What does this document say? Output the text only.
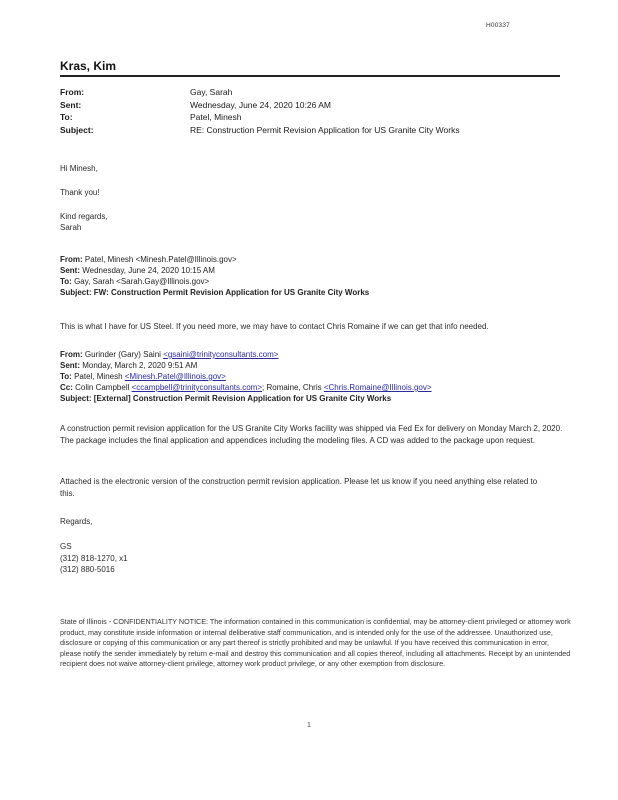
H00337
Kras, Kim
From:	Gay, Sarah
Sent:	Wednesday, June 24, 2020 10:26 AM
To:	Patel, Minesh
Subject:	RE: Construction Permit Revision Application for US Granite City Works
Hi Minesh,
Thank you!
Kind regards,
Sarah
From: Patel, Minesh <Minesh.Patel@Illinois.gov>
Sent: Wednesday, June 24, 2020 10:15 AM
To: Gay, Sarah <Sarah.Gay@Illinois.gov>
Subject: FW: Construction Permit Revision Application for US Granite City Works
This is what I have for US Steel. If you need more, we may have to contact Chris Romaine if we can get that info needed.
From: Gurinder (Gary) Saini <gsaini@trinityconsultants.com>
Sent: Monday, March 2, 2020 9:51 AM
To: Patel, Minesh <Minesh.Patel@Illinois.gov>
Cc: Colin Campbell <ccampbell@trinityconsultants.com>; Romaine, Chris <Chris.Romaine@Illinois.gov>
Subject: [External] Construction Permit Revision Application for US Granite City Works
A construction permit revision application for the US Granite City Works facility was shipped via Fed Ex for delivery on Monday March 2, 2020. The package includes the final application and appendices including the modeling files. A CD was added to the package upon request.
Attached is the electronic version of the construction permit revision application. Please let us know if you need anything else related to this.
Regards,
GS
(312) 818-1270, x1
(312) 880-5016
State of Illinois - CONFIDENTIALITY NOTICE: The information contained in this communication is confidential, may be attorney-client privileged or attorney work product, may constitute inside information or internal deliberative staff communication, and is intended only for the use of the addressee. Unauthorized use, disclosure or copying of this communication or any part thereof is strictly prohibited and may be unlawful. If you have received this communication in error, please notify the sender immediately by return e-mail and destroy this communication and all copies thereof, including all attachments. Receipt by an unintended recipient does not waive attorney-client privilege, attorney work product privilege, or any other exemption from disclosure.
1
